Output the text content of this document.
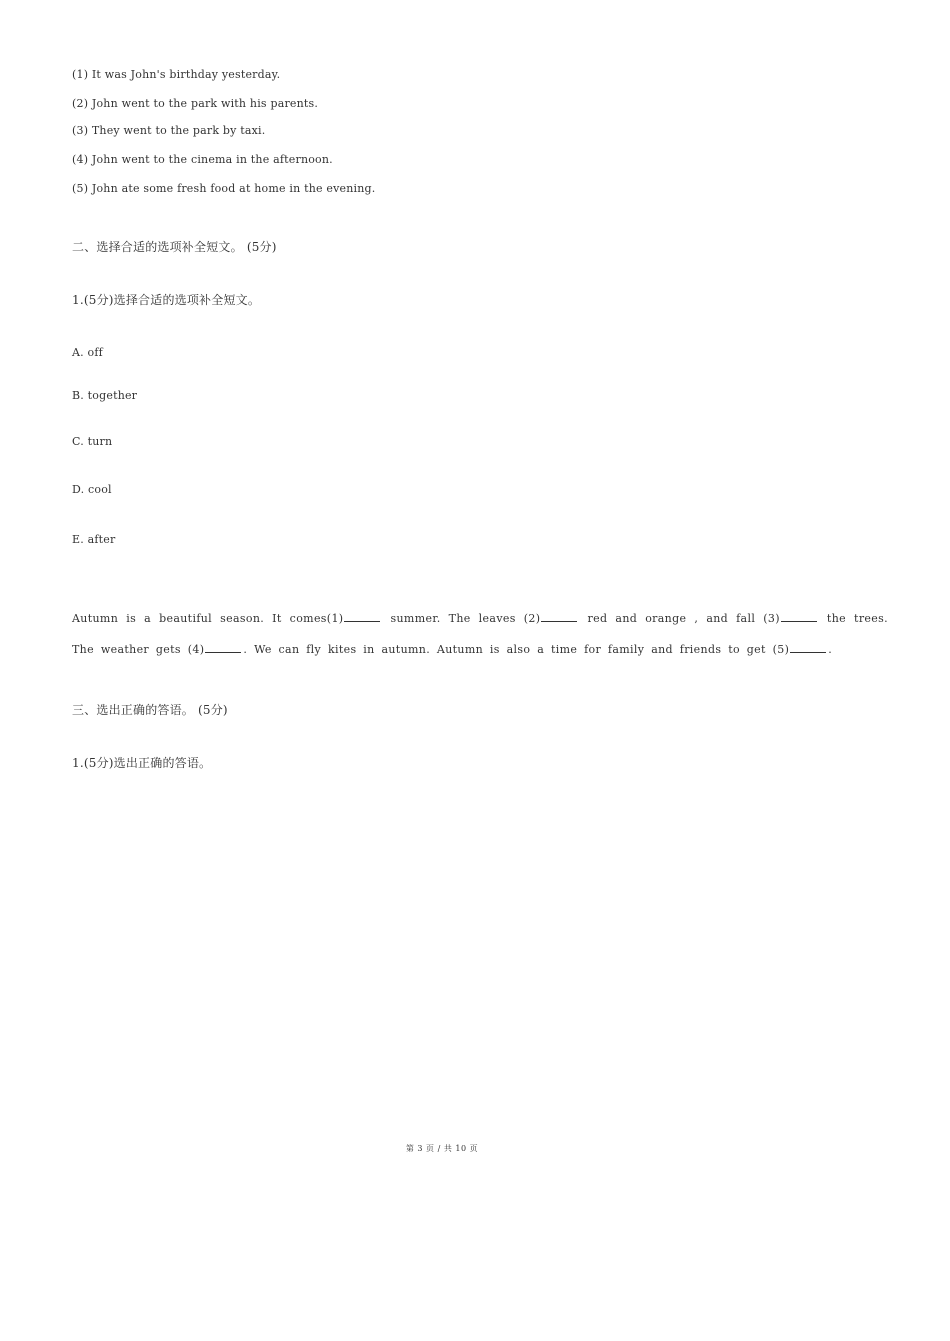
(1) It was John's birthday yesterday.
(2) John went to the park with his parents.
(3) They went to the park by taxi.
(4) John went to the cinema in the afternoon.
(5) John ate some fresh food at home in the evening.
二、选择合适的选项补全短文。 (5分)
1.(5分)选择合适的选项补全短文。
A. off
B. together
C. turn
D. cool
E. after
Autumn is a beautiful season. It comes(1)	summer. The leaves (2)	red and orange , and fall (3)	the trees. The weather gets (4)	. We can fly kites in autumn. Autumn is also a time for family and friends to get (5)	.
三、选出正确的答语。 (5分)
1.(5分)选出正确的答语。
第 3 页 / 共 10 页
